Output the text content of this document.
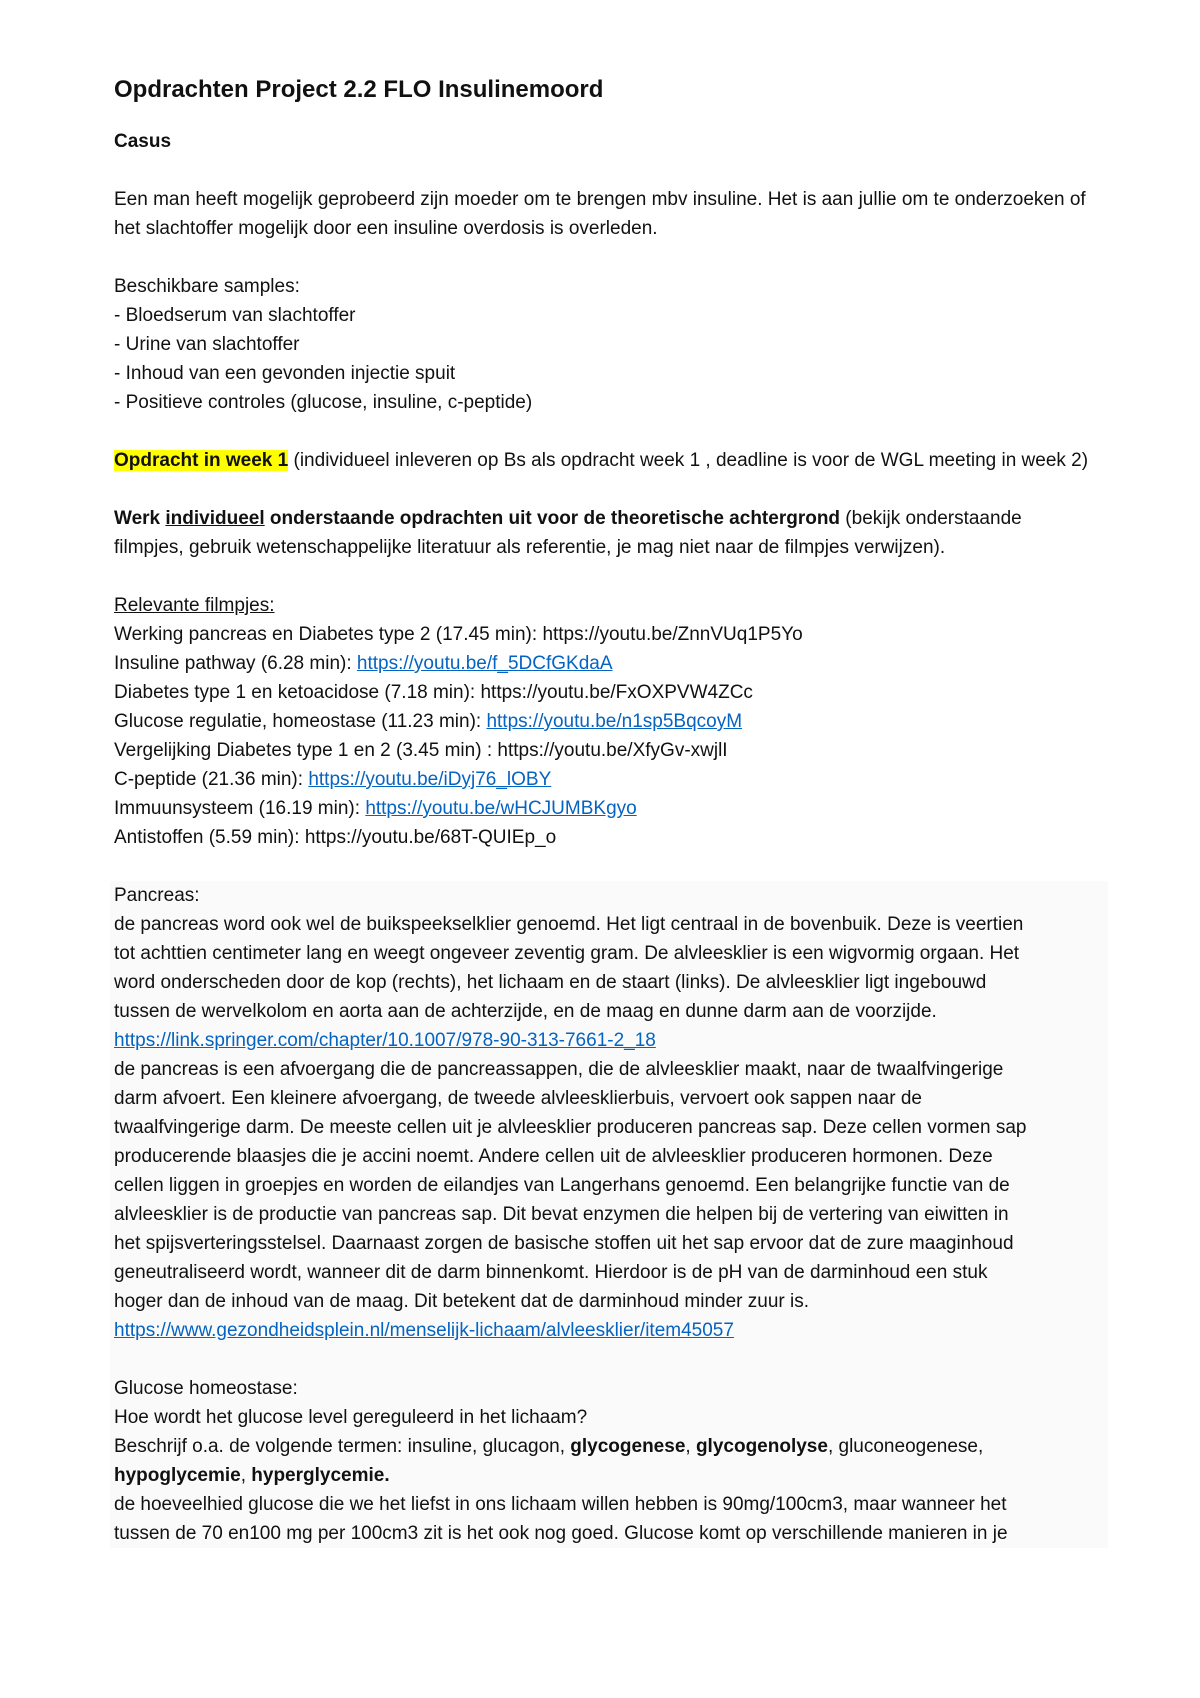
Opdrachten Project 2.2 FLO Insulinemoord

Casus

Een man heeft mogelijk geprobeerd zijn moeder om te brengen mbv insuline. Het is aan jullie om te onderzoeken of het slachtoffer mogelijk door een insuline overdosis is overleden.

Beschikbare samples:

- Bloedserum van slachtoffer

- Urine van slachtoffer

- Inhoud van een gevonden injectie spuit

- Positieve controles (glucose, insuline, c-peptide)

Opdracht in week 1 (individueel inleveren op Bs als opdracht week 1 , deadline is voor de WGL meeting in week 2)

Werk individueel onderstaande opdrachten uit voor de theoretische achtergrond (bekijk onderstaande filmpjes, gebruik wetenschappelijke literatuur als referentie, je mag niet naar de filmpjes verwijzen).

Relevante filmpjes:

Werking pancreas en Diabetes type 2 (17.45 min): https://youtu.be/ZnnVUq1P5Yo

Insuline pathway (6.28 min): https://youtu.be/f_5DCfGKdaA

Diabetes type 1 en ketoacidose (7.18 min): https://youtu.be/FxOXPVW4ZCc

Glucose regulatie, homeostase (11.23 min): https://youtu.be/n1sp5BqcoyM

Vergelijking Diabetes type 1 en 2 (3.45 min) : https://youtu.be/XfyGv-xwjlI

C-peptide (21.36 min): https://youtu.be/iDyj76_lOBY

Immuunsysteem (16.19 min): https://youtu.be/wHCJUMBKgyo

Antistoffen (5.59 min): https://youtu.be/68T-QUIEp_o

Pancreas:

de pancreas word ook wel de buikspeekselklier genoemd. Het ligt centraal in de bovenbuik. Deze is veertien
tot achttien centimeter lang en weegt ongeveer zeventig gram. De alvleesklier is een wigvormig orgaan. Het
word onderscheden door de kop (rechts), het lichaam en de staart (links). De alvleesklier ligt ingebouwd
tussen de wervelkolom en aorta aan de achterzijde, en de maag en dunne darm aan de voorzijde.

https://link.springer.com/chapter/10.1007/978-90-313-7661-2_18

de pancreas is een afvoergang die de pancreassappen, die de alvleesklier maakt, naar de twaalfvingerige
darm afvoert. Een kleinere afvoergang, de tweede alvleesklierbuis, vervoert ook sappen naar de
twaalfvingerige darm. De meeste cellen uit je alvleesklier produceren pancreas sap. Deze cellen vormen sap
producerende blaasjes die je accini noemt. Andere cellen uit de alvleesklier produceren hormonen. Deze
cellen liggen in groepjes en worden de eilandjes van Langerhans genoemd. Een belangrijke functie van de
alvleesklier is de productie van pancreas sap. Dit bevat enzymen die helpen bij de vertering van eiwitten in
het spijsverteringsstelsel. Daarnaast zorgen de basische stoffen uit het sap ervoor dat de zure maaginhoud
geneutraliseerd wordt, wanneer dit de darm binnenkomt. Hierdoor is de pH van de darminhoud een stuk
hoger dan de inhoud van de maag. Dit betekent dat de darminhoud minder zuur is.

https://www.gezondheidsplein.nl/menselijk-lichaam/alvleesklier/item45057

Glucose homeostase:

Hoe wordt het glucose level gereguleerd in het lichaam?

Beschrijf o.a. de volgende termen: insuline, glucagon, glycogenese, glycogenolyse, gluconeogenese,
hypoglycemie, hyperglycemie.

de hoeveelhied glucose die we het liefst in ons lichaam willen hebben is 90mg/100cm3, maar wanneer het
tussen de 70 en100 mg per 100cm3 zit is het ook nog goed. Glucose komt op verschillende manieren in je
